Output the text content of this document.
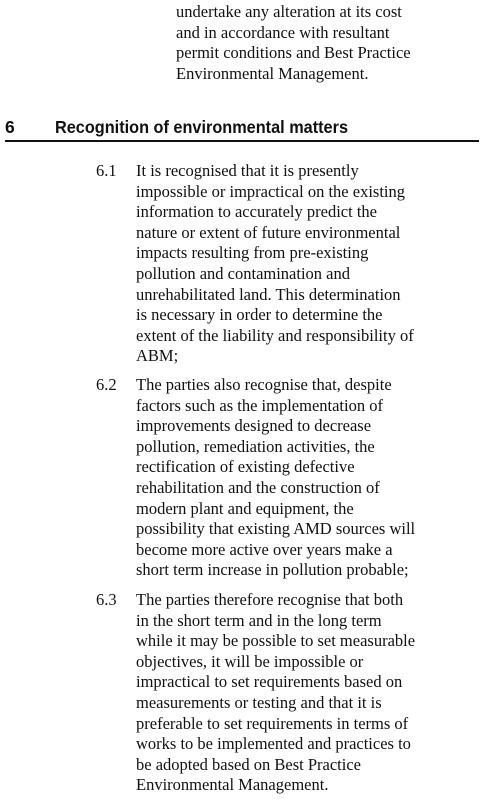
undertake any alteration at its cost
and in accordance with resultant
permit conditions and Best Practice
Environmental Management.
6 Recognition of environmental matters
6.1 It is recognised that it is presently
impossible or impractical on the existing
information to accurately predict the
nature or extent of future environmental
impacts resulting from pre-existing
pollution and contamination and
unrehabilitated land. This determination
is necessary in order to determine the
extent of the liability and responsibility of
ABM;
6.2 The parties also recognise that, despite
factors such as the implementation of
improvements designed to decrease
pollution, remediation activities, the
rectification of existing defective
rehabilitation and the construction of
modern plant and equipment, the
possibility that existing AMD sources will
become more active over years make a
short term increase in pollution probable;
6.3 The parties therefore recognise that both
in the short term and in the long term
while it may be possible to set measurable
objectives, it will be impossible or
impractical to set requirements based on
measurements or testing and that it is
preferable to set requirements in terms of
works to be implemented and practices to
be adopted based on Best Practice
Environmental Management.
